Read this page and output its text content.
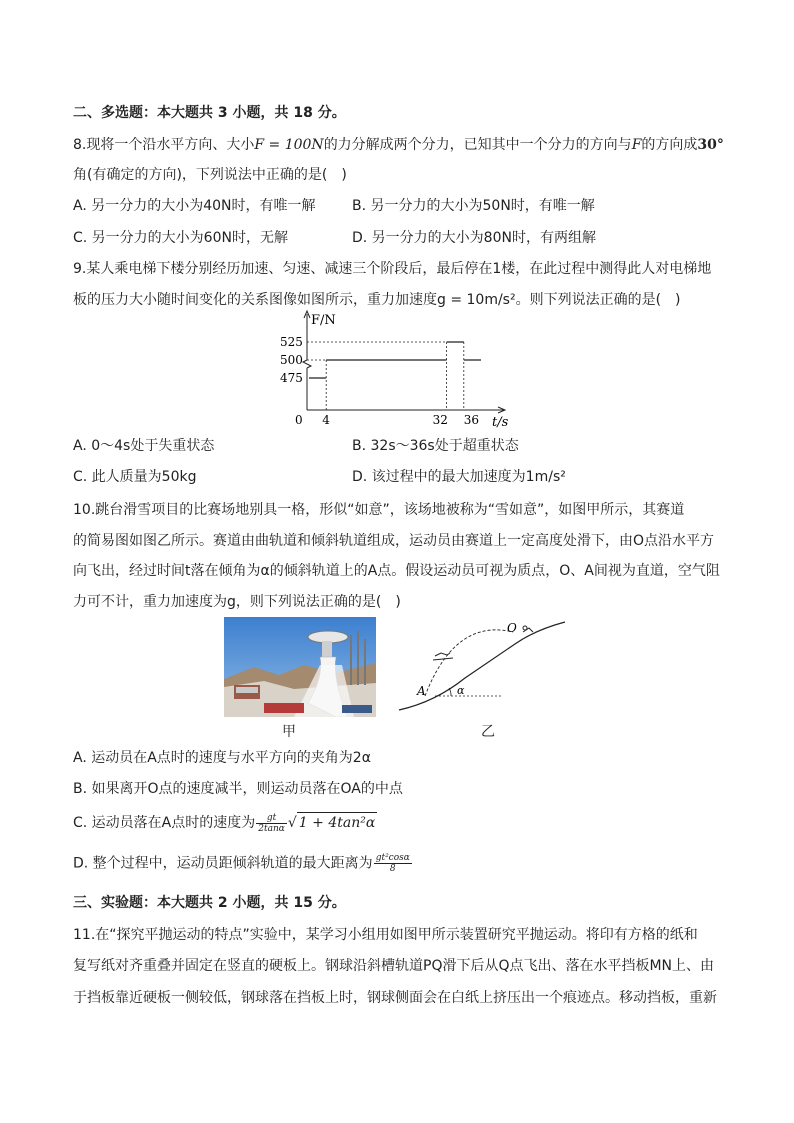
二、多选题：本大题共 3 小题，共 18 分。
8.现将一个沿水平方向、大小F = 100N的力分解成两个分力，已知其中一个分力的方向与F的方向成30°
角(有确定的方向)，下列说法中正确的是(　)
A. 另一分力的大小为40N时，有唯一解	B. 另一分力的大小为50N时，有唯一解
C. 另一分力的大小为60N时，无解	D. 另一分力的大小为80N时，有两组解
9.某人乘电梯下楼分别经历加速、匀速、减速三个阶段后，最后停在1楼，在此过程中测得此人对电梯地
板的压力大小随时间变化的关系图像如图所示，重力加速度g = 10m/s²。则下列说法正确的是(　)
F/N
t/s
475
500
525
0 4	32 36
A. 0～4s处于失重状态	B. 32s～36s处于超重状态
C. 此人质量为50kg	D. 该过程中的最大加速度为1m/s²
10.跳台滑雪项目的比赛场地别具一格，形似“如意”，该场地被称为“雪如意”，如图甲所示，其赛道
的简易图如图乙所示。赛道由曲轨道和倾斜轨道组成，运动员由赛道上一定高度处滑下，由O点沿水平方
向飞出，经过时间t落在倾角为α的倾斜轨道上的A点。假设运动员可视为质点，O、A间视为直道，空气阻
力可不计，重力加速度为g，则下列说法正确的是(　)
甲
O
A	α
乙
A. 运动员在A点时的速度与水平方向的夹角为2α
B. 如果离开O点的速度减半，则运动员落在OA的中点
C. 运动员落在A点时的速度为 $\frac{gt}{2\tan\alpha}$ √ 1 + 4tan²α
D. 整个过程中，运动员距倾斜轨道的最大距离为 $\frac{\text{gt²cosα}}{8}$
三、实验题：本大题共 2 小题，共 15 分。
11.在“探究平抛运动的特点”实验中，某学习小组用如图甲所示装置研究平抛运动。将印有方格的纸和
复写纸对齐重叠并固定在竖直的硬板上。钢球沿斜槽轨道PQ滑下后从Q点飞出、落在水平挡板MN上、由
于挡板靠近硬板一侧较低，钢球落在挡板上时，钢球侧面会在白纸上挤压出一个痕迹点。移动挡板，重新
